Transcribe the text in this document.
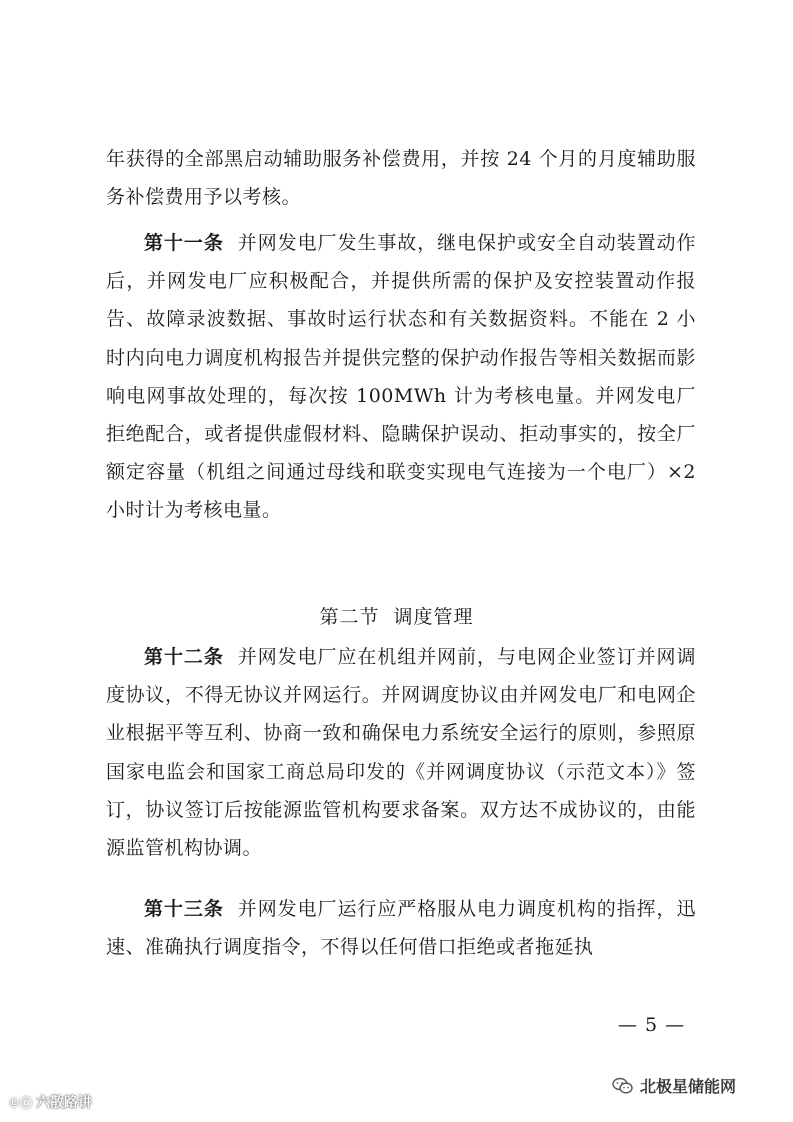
年获得的全部黑启动辅助服务补偿费用，并按 24 个月的月度辅助服务补偿费用予以考核。

第十一条 并网发电厂发生事故，继电保护或安全自动装置动作后，并网发电厂应积极配合，并提供所需的保护及安控装置动作报告、故障录波数据、事故时运行状态和有关数据资料。不能在 2 小时内向电力调度机构报告并提供完整的保护动作报告等相关数据而影响电网事故处理的，每次按 100MWh 计为考核电量。并网发电厂拒绝配合，或者提供虚假材料、隐瞒保护误动、拒动事实的，按全厂额定容量（机组之间通过母线和联变实现电气连接为一个电厂）×2 小时计为考核电量。

第二节 调度管理

第十二条 并网发电厂应在机组并网前，与电网企业签订并网调度协议，不得无协议并网运行。并网调度协议由并网发电厂和电网企业根据平等互利、协商一致和确保电力系统安全运行的原则，参照原国家电监会和国家工商总局印发的《并网调度协议（示范文本）》签订，协议签订后按能源监管机构要求备案。双方达不成协议的，由能源监管机构协调。

第十三条 并网发电厂运行应严格服从电力调度机构的指挥，迅速、准确执行调度指令，不得以任何借口拒绝或者拖延执

— 5 —
北极星储能网
©ⓒ 六散路讲
